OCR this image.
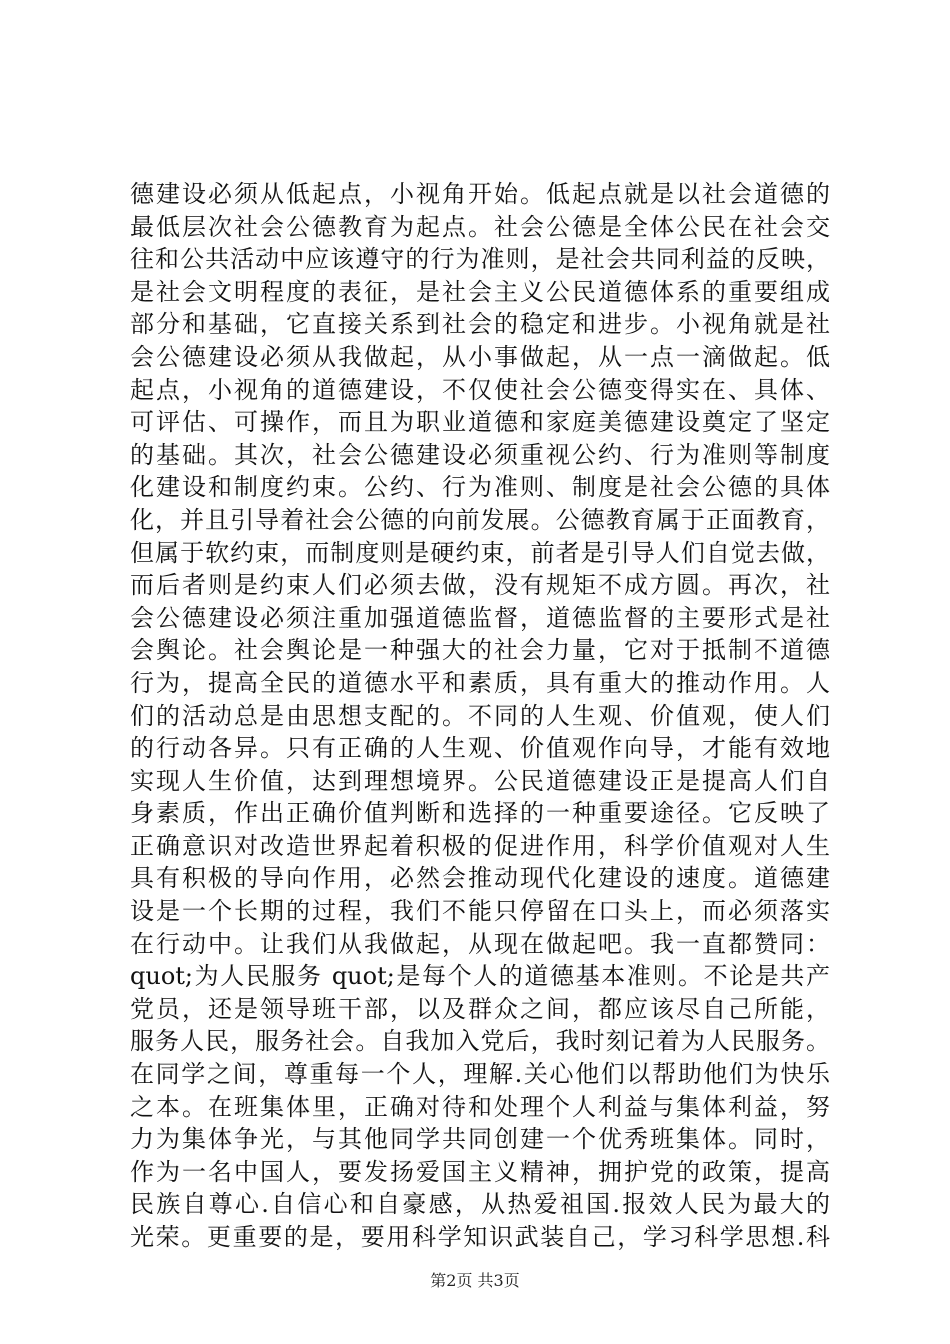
德建设必须从低起点，小视角开始。低起点就是以社会道德的
最低层次社会公德教育为起点。社会公德是全体公民在社会交
往和公共活动中应该遵守的行为准则，是社会共同利益的反映，
是社会文明程度的表征，是社会主义公民道德体系的重要组成
部分和基础，它直接关系到社会的稳定和进步。小视角就是社
会公德建设必须从我做起，从小事做起，从一点一滴做起。低
起点，小视角的道德建设，不仅使社会公德变得实在、具体、
可评估、可操作，而且为职业道德和家庭美德建设奠定了坚定
的基础。其次，社会公德建设必须重视公约、行为准则等制度
化建设和制度约束。公约、行为准则、制度是社会公德的具体
化，并且引导着社会公德的向前发展。公德教育属于正面教育，
但属于软约束，而制度则是硬约束，前者是引导人们自觉去做，
而后者则是约束人们必须去做，没有规矩不成方圆。再次，社
会公德建设必须注重加强道德监督，道德监督的主要形式是社
会舆论。社会舆论是一种强大的社会力量，它对于抵制不道德
行为，提高全民的道德水平和素质，具有重大的推动作用。人
们的活动总是由思想支配的。不同的人生观、价值观，使人们
的行动各异。只有正确的人生观、价值观作向导，才能有效地
实现人生价值，达到理想境界。公民道德建设正是提高人们自
身素质，作出正确价值判断和选择的一种重要途径。它反映了
正确意识对改造世界起着积极的促进作用，科学价值观对人生
具有积极的导向作用，必然会推动现代化建设的速度。道德建
设是一个长期的过程，我们不能只停留在口头上，而必须落实
在行动中。让我们从我做起，从现在做起吧。我一直都赞同：
quot;为人民服务 quot;是每个人的道德基本准则。不论是共产
党员，还是领导班干部，以及群众之间，都应该尽自己所能，
服务人民，服务社会。自我加入党后，我时刻记着为人民服务。
在同学之间，尊重每一个人，理解.关心他们以帮助他们为快乐
之本。在班集体里，正确对待和处理个人利益与集体利益，努
力为集体争光，与其他同学共同创建一个优秀班集体。同时，
作为一名中国人，要发扬爱国主义精神，拥护党的政策，提高
民族自尊心.自信心和自豪感，从热爱祖国.报效人民为最大的
光荣。更重要的是，要用科学知识武装自己，学习科学思想.科
第2页 共3页
